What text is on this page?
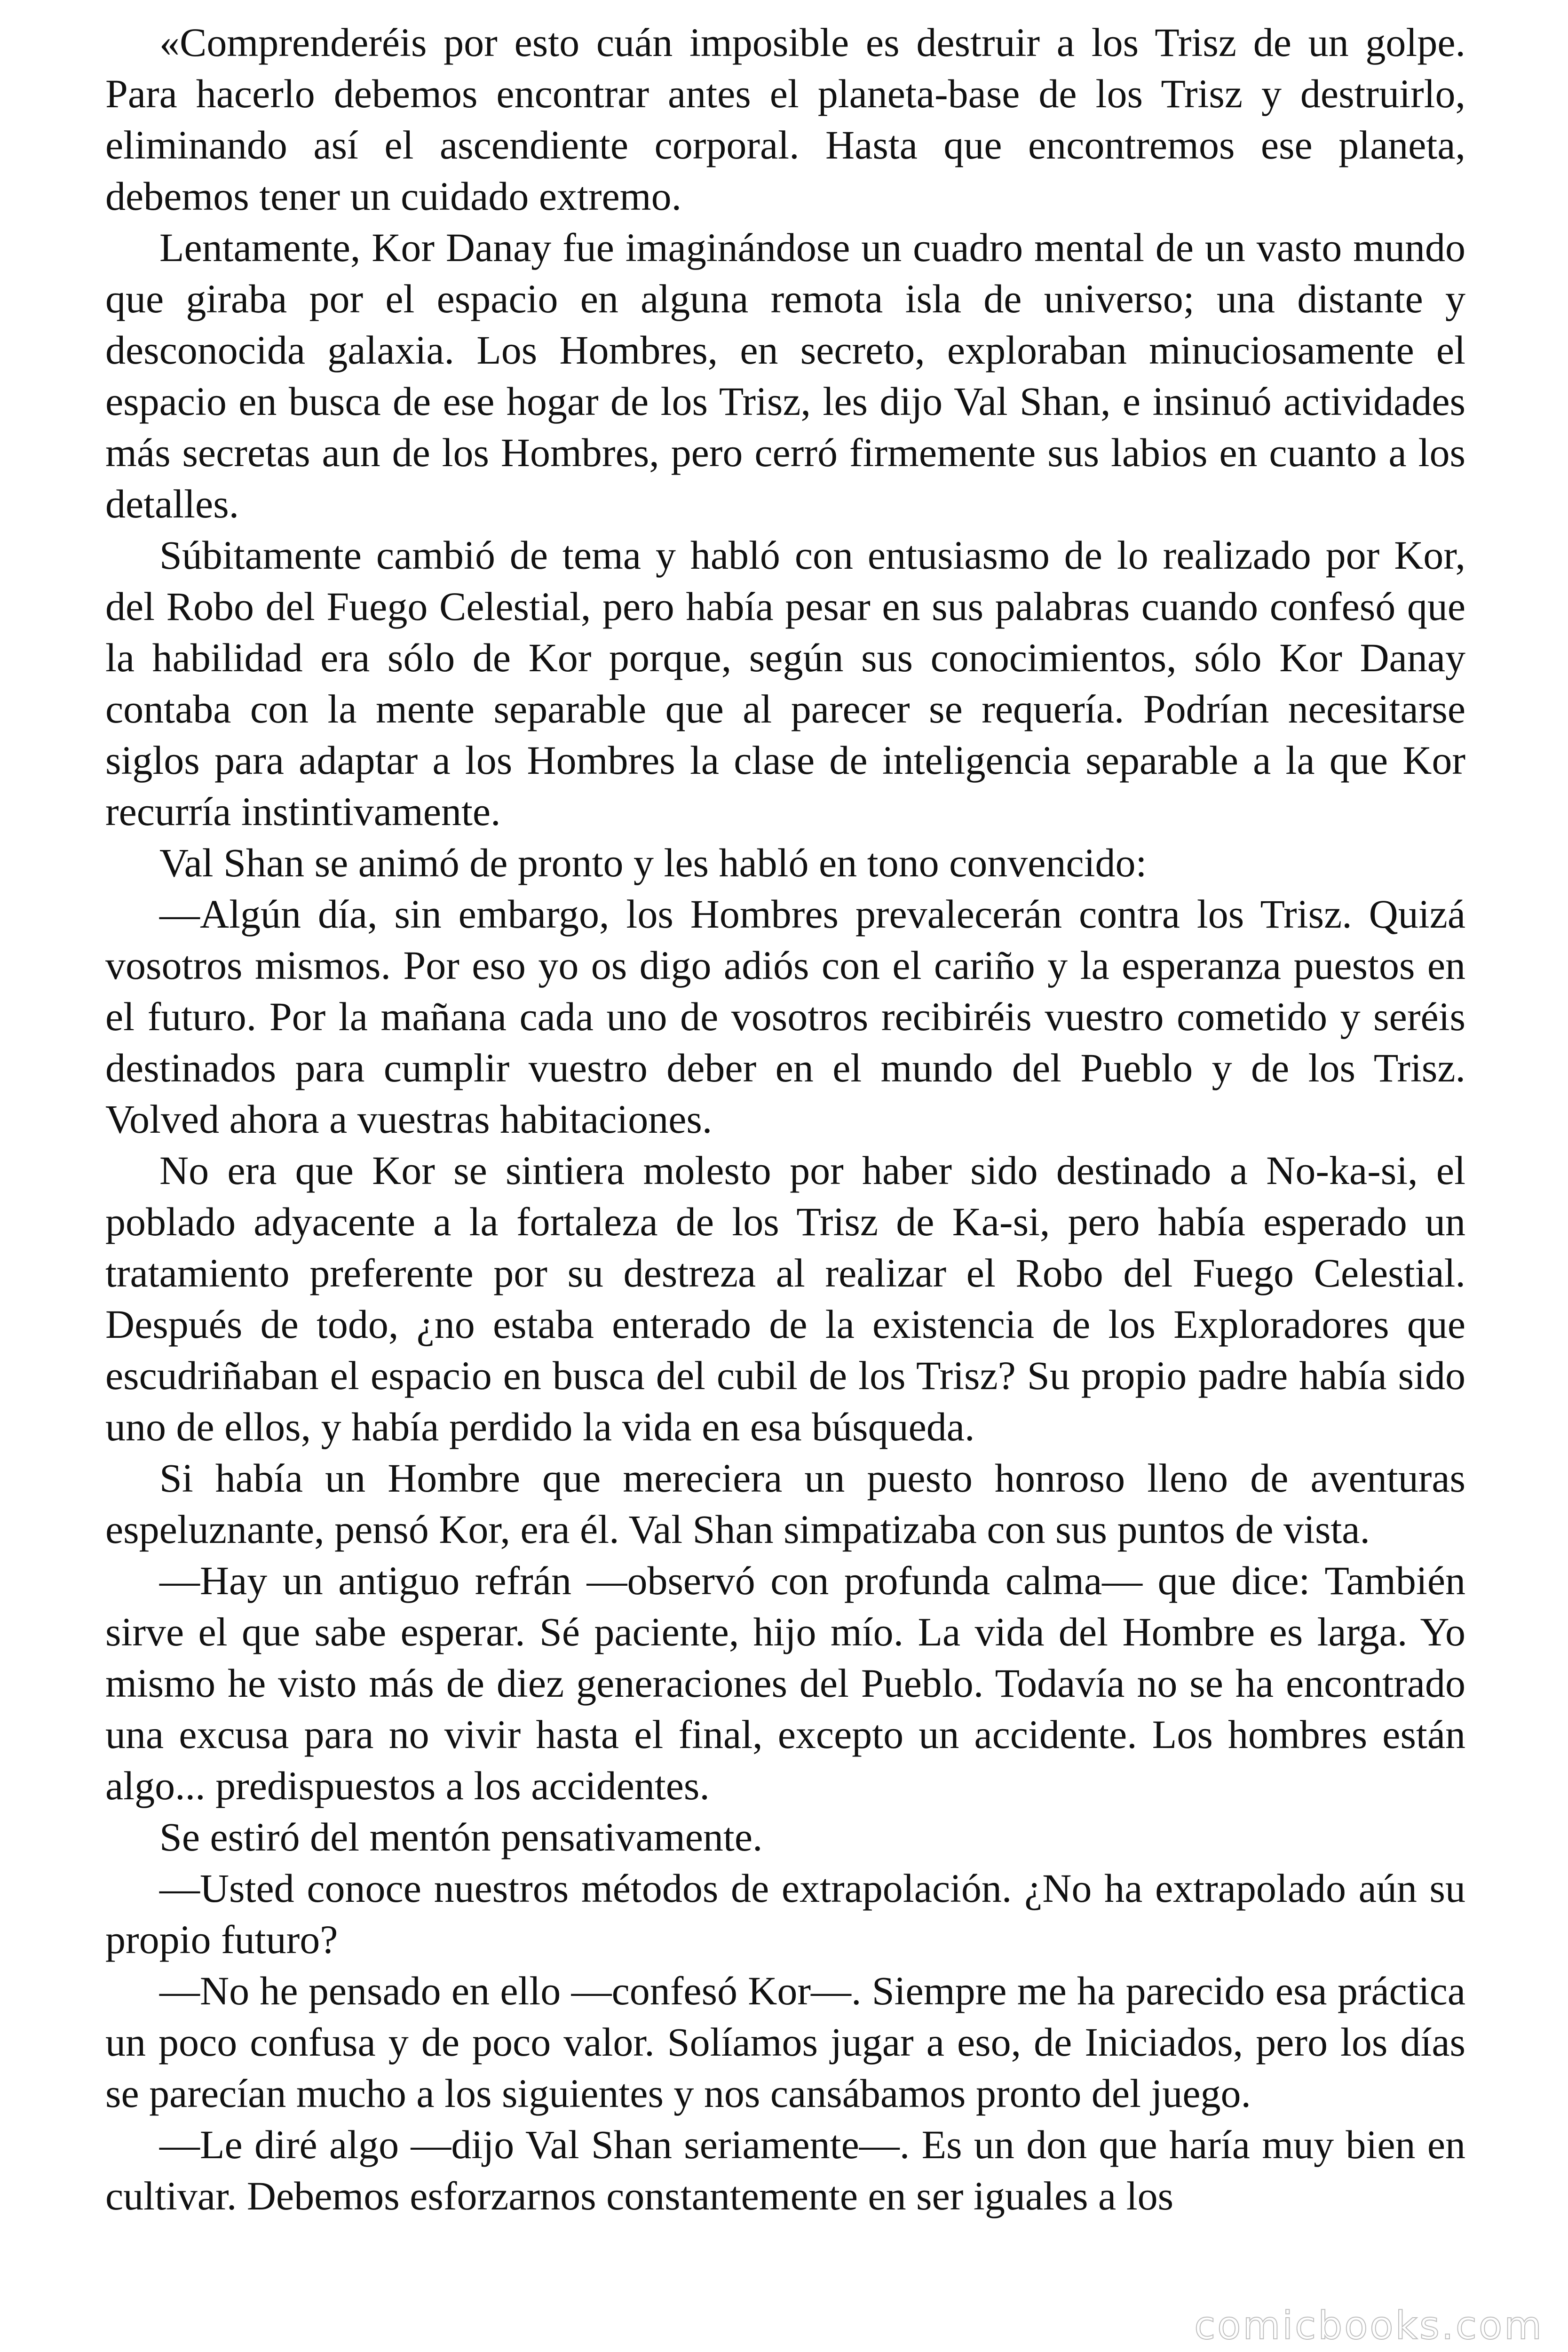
«Comprenderéis por esto cuán imposible es destruir a los Trisz de un golpe. Para hacerlo debemos encontrar antes el planeta-base de los Trisz y destruirlo, eliminando así el ascendiente corporal. Hasta que encontremos ese planeta, debemos tener un cuidado extremo.

Lentamente, Kor Danay fue imaginándose un cuadro mental de un vasto mundo que giraba por el espacio en alguna remota isla de universo; una distante y desconocida galaxia. Los Hombres, en secreto, exploraban minuciosamente el espacio en busca de ese hogar de los Trisz, les dijo Val Shan, e insinuó actividades más secretas aun de los Hombres, pero cerró firmemente sus labios en cuanto a los detalles.

Súbitamente cambió de tema y habló con entusiasmo de lo realizado por Kor, del Robo del Fuego Celestial, pero había pesar en sus palabras cuando confesó que la habilidad era sólo de Kor porque, según sus conocimientos, sólo Kor Danay contaba con la mente separable que al parecer se requería. Podrían necesitarse siglos para adaptar a los Hombres la clase de inteligencia separable a la que Kor recurría instintivamente.

Val Shan se animó de pronto y les habló en tono convencido:

—Algún día, sin embargo, los Hombres prevalecerán contra los Trisz. Quizá vosotros mismos. Por eso yo os digo adiós con el cariño y la esperanza puestos en el futuro. Por la mañana cada uno de vosotros recibiréis vuestro cometido y seréis destinados para cumplir vuestro deber en el mundo del Pueblo y de los Trisz. Volved ahora a vuestras habitaciones.

No era que Kor se sintiera molesto por haber sido destinado a No-ka-si, el poblado adyacente a la fortaleza de los Trisz de Ka-si, pero había esperado un tratamiento preferente por su destreza al realizar el Robo del Fuego Celestial. Después de todo, ¿no estaba enterado de la existencia de los Exploradores que escudriñaban el espacio en busca del cubil de los Trisz? Su propio padre había sido uno de ellos, y había perdido la vida en esa búsqueda.

Si había un Hombre que mereciera un puesto honroso lleno de aventuras espeluznante, pensó Kor, era él. Val Shan simpatizaba con sus puntos de vista.

—Hay un antiguo refrán —observó con profunda calma— que dice: También sirve el que sabe esperar. Sé paciente, hijo mío. La vida del Hombre es larga. Yo mismo he visto más de diez generaciones del Pueblo. Todavía no se ha encontrado una excusa para no vivir hasta el final, excepto un accidente. Los hombres están algo... predispuestos a los accidentes.

Se estiró del mentón pensativamente.

—Usted conoce nuestros métodos de extrapolación. ¿No ha extrapolado aún su propio futuro?

—No he pensado en ello —confesó Kor—. Siempre me ha parecido esa práctica un poco confusa y de poco valor. Solíamos jugar a eso, de Iniciados, pero los días se parecían mucho a los siguientes y nos cansábamos pronto del juego.

—Le diré algo —dijo Val Shan seriamente—. Es un don que haría muy bien en cultivar. Debemos esforzarnos constantemente en ser iguales a los

comicbooks.com
